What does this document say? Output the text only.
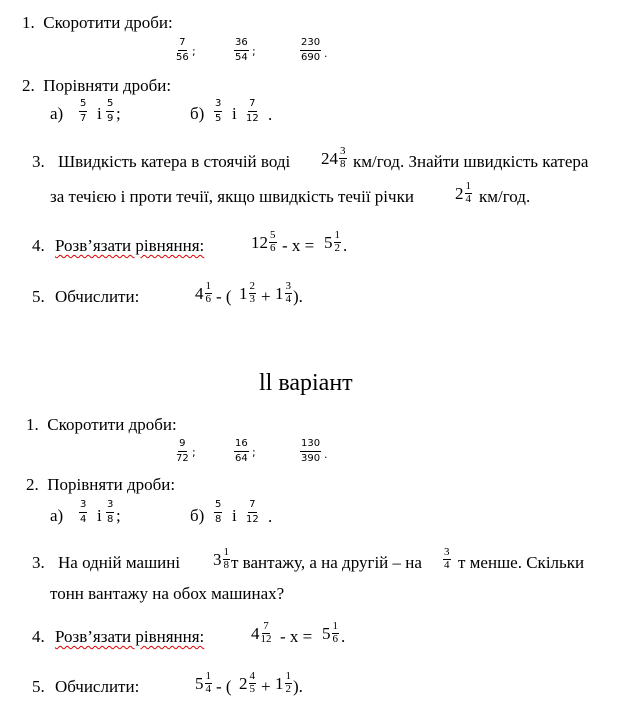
1. Скоротити дроби:
7
56 ;
36
54 ;
230
690 .
2. Порівняти дроби:
а)
5
7 і
5
9 ;	б)
3
5 і
7
12 .
3. Швидкість катера в стоячій воді 24 3
8 км/год. Знайти швидкість катера
за течією і проти течії, якщо швидкість течії річки 2 1
4 км/год.
4. Розв’язати рівняння:	12 5
6 - х = 5 1
2 .
5. Обчислити:	4 1
6 - ( 1 2
3 + 1 3
4 ).
ll варіант
1. Скоротити дроби:
9
72 ;
16
64 ;
130
390 .
2. Порівняти дроби:
а)
3
4 і
3
8 ;	б)
5
8 і
7
12 .
3. На одній машині 3 1
8 т вантажу, а на другій – на
3
4 т менше. Скільки
тонн вантажу на обох машинах?
4. Розв’язати рівняння:	4 7
12 - х = 5 1
6 .
5. Обчислити:	5 1
4 - ( 2 4
5 + 1 1
2 ).
